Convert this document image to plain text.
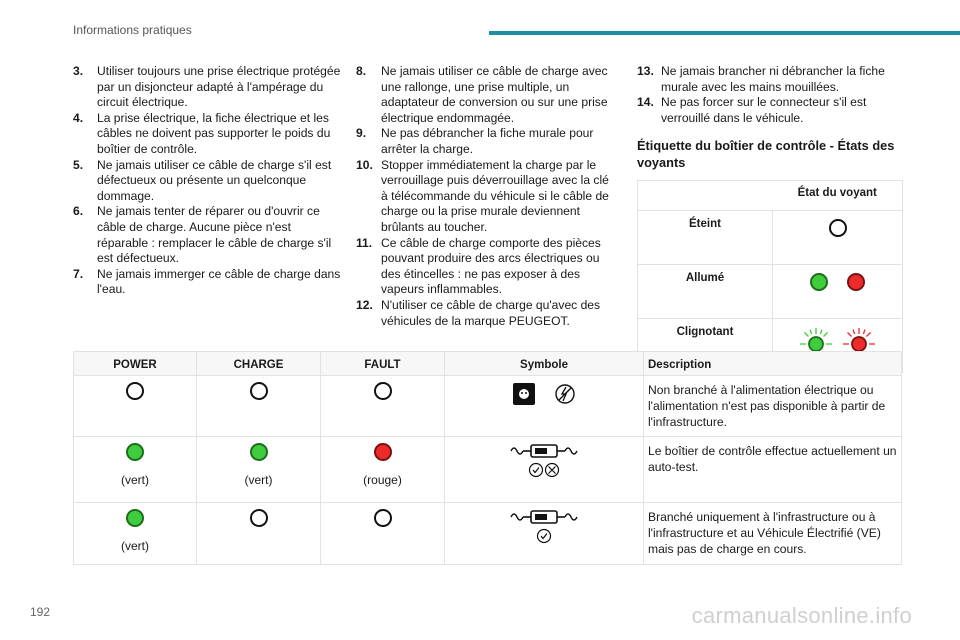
Informations pratiques
3.	Utiliser toujours une prise électrique protégée par un disjoncteur adapté à l'ampérage du circuit électrique.
4.	La prise électrique, la fiche électrique et les câbles ne doivent pas supporter le poids du boîtier de contrôle.
5.	Ne jamais utiliser ce câble de charge s'il est défectueux ou présente un quelconque dommage.
6.	Ne jamais tenter de réparer ou d'ouvrir ce câble de charge. Aucune pièce n'est réparable : remplacer le câble de charge s'il est défectueux.
7.	Ne jamais immerger ce câble de charge dans l'eau.
8.	Ne jamais utiliser ce câble de charge avec une rallonge, une prise multiple, un adaptateur de conversion ou sur une prise électrique endommagée.
9.	Ne pas débrancher la fiche murale pour arrêter la charge.
10. Stopper immédiatement la charge par le verrouillage puis déverrouillage avec la clé à télécommande du véhicule si le câble de charge ou la prise murale deviennent brûlants au toucher.
11. Ce câble de charge comporte des pièces pouvant produire des arcs électriques ou des étincelles : ne pas exposer à des vapeurs inflammables.
12. N'utiliser ce câble de charge qu'avec des véhicules de la marque PEUGEOT.
13. Ne jamais brancher ni débrancher la fiche murale avec les mains mouillées.
14. Ne pas forcer sur le connecteur s'il est verrouillé dans le véhicule.
Étiquette du boîtier de contrôle - États des voyants
	État du voyant
Éteint	
Allumé	
Clignotant	
POWER	CHARGE	FAULT	Symbole	Description
				Non branché à l'alimentation électrique ou l'alimentation n'est pas disponible à partir de l'infrastructure.

(vert)	(vert)	(rouge)		Le boîtier de contrôle effectue actuellement un auto-test.

(vert)				Branché uniquement à l'infrastructure ou à l'infrastructure et au Véhicule Électrifié (VE) mais pas de charge en cours.
192	carmanualsonline.info
